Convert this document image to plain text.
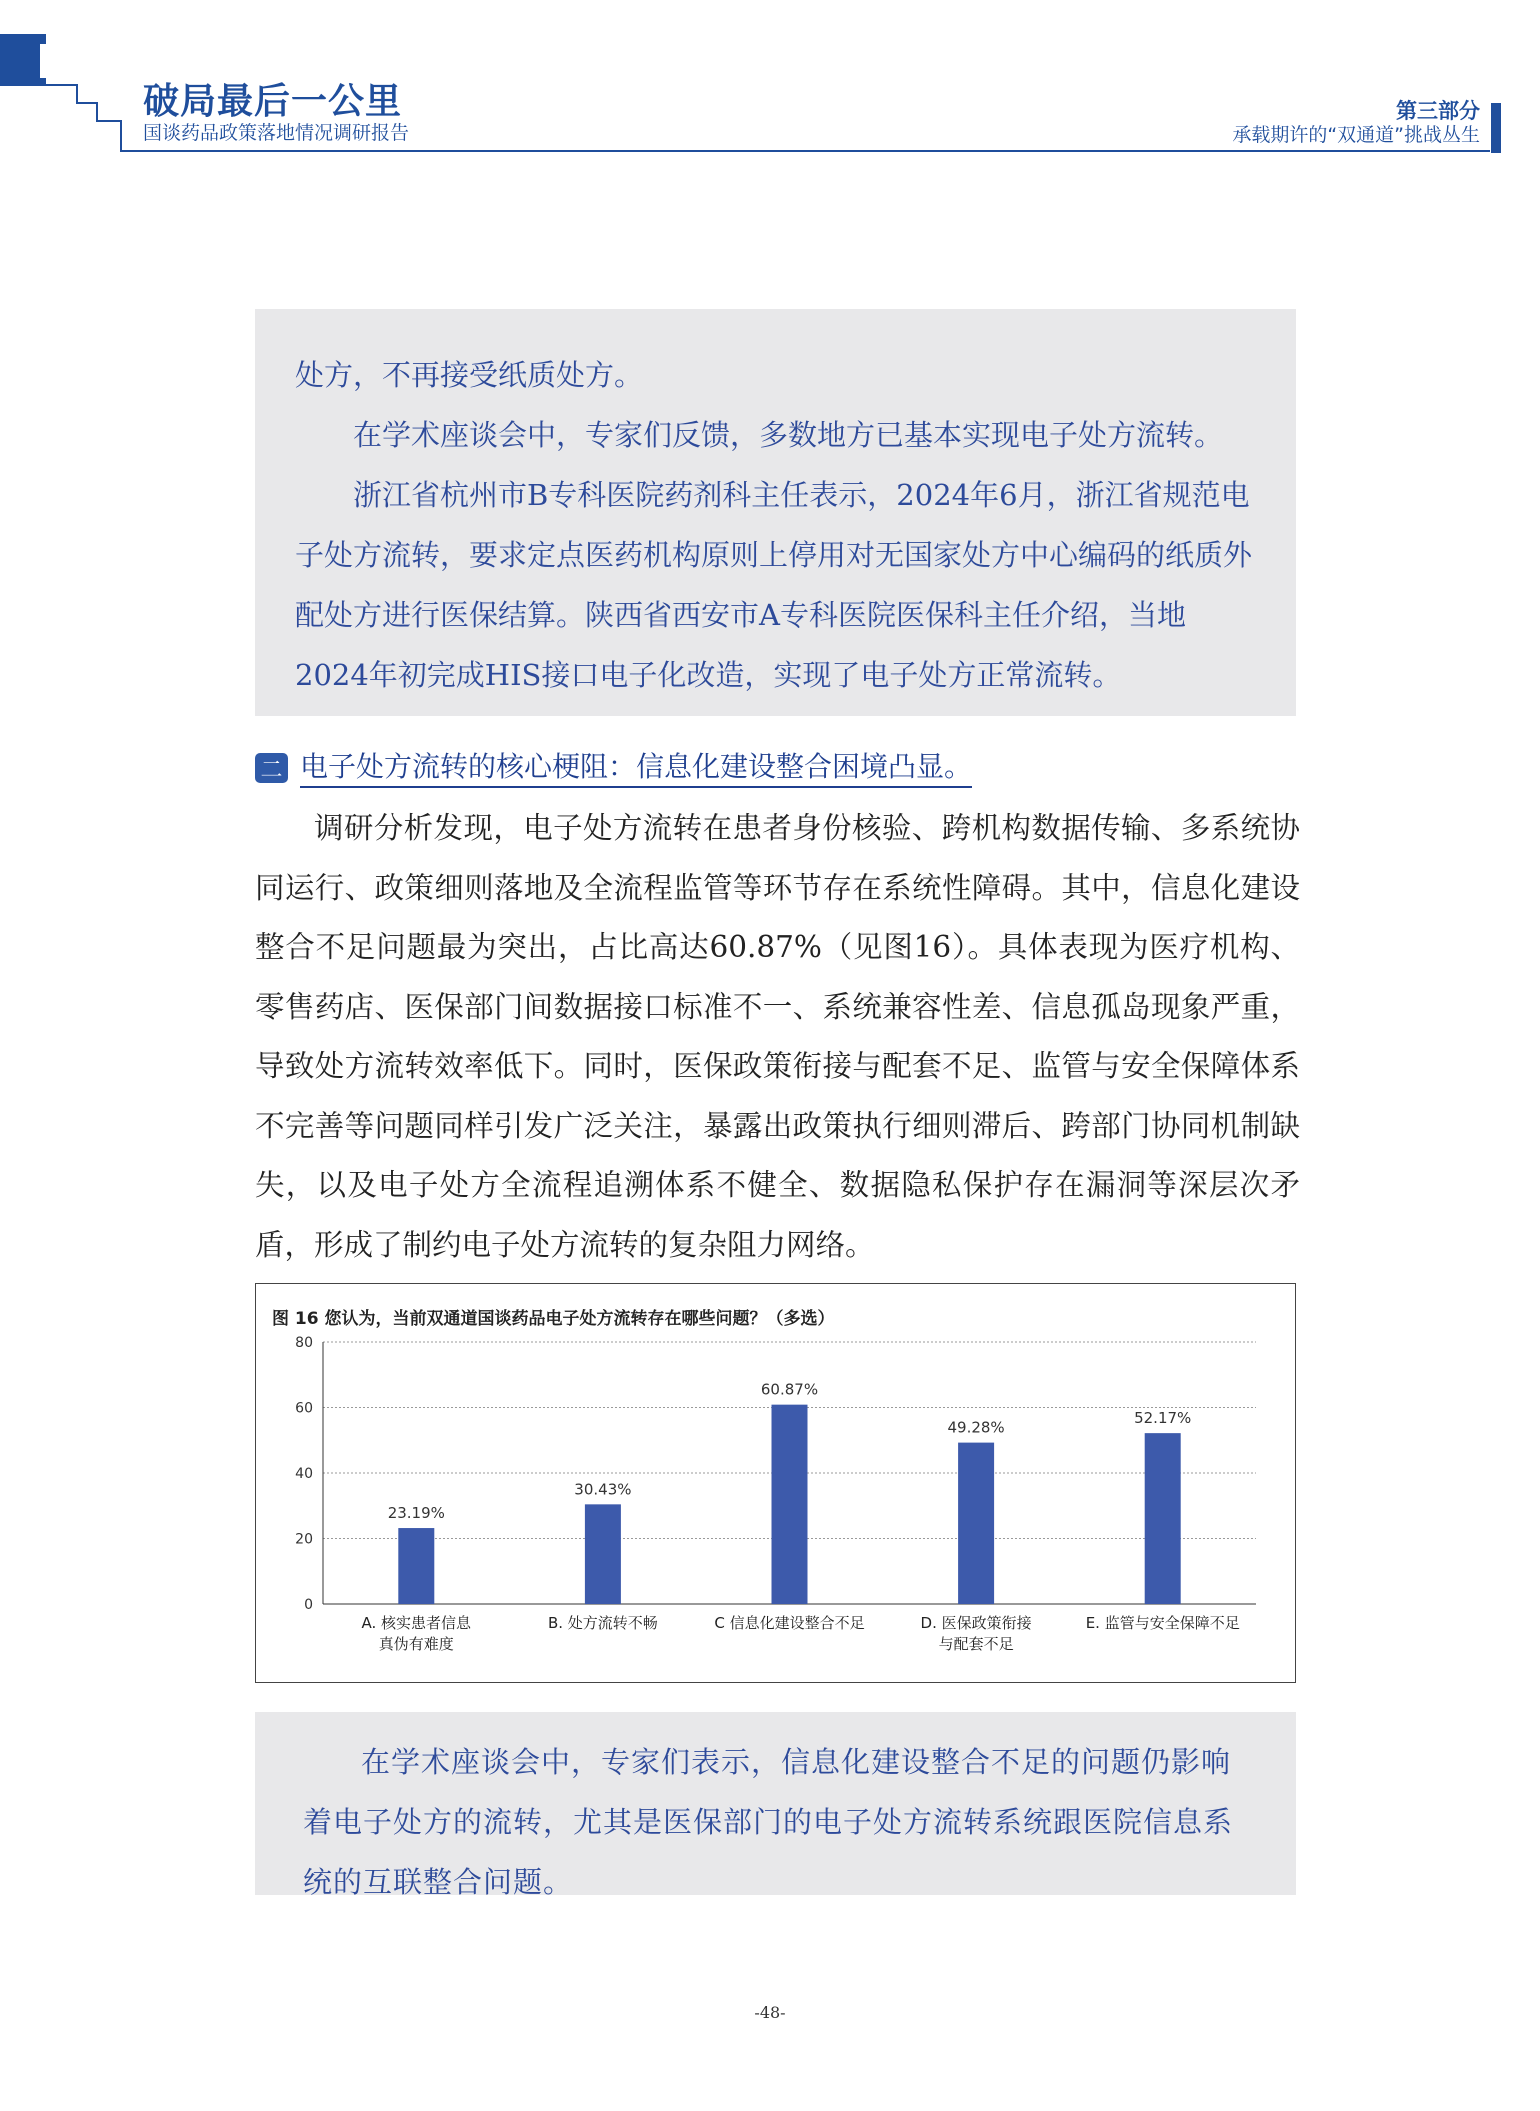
破局最后一公里
国谈药品政策落地情况调研报告
第三部分
承载期许的“双通道”挑战丛生

处方，不再接受纸质处方。

在学术座谈会中，专家们反馈，多数地方已基本实现电子处方流转。

浙江省杭州市B专科医院药剂科主任表示，2024年6月，浙江省规范电子处方流转，要求定点医药机构原则上停用对无国家处方中心编码的纸质外配处方进行医保结算。陕西省西安市A专科医院医保科主任介绍，当地2024年初完成HIS接口电子化改造，实现了电子处方正常流转。

二 电子处方流转的核心梗阻：信息化建设整合困境凸显。

调研分析发现，电子处方流转在患者身份核验、跨机构数据传输、多系统协同运行、政策细则落地及全流程监管等环节存在系统性障碍。其中，信息化建设整合不足问题最为突出，占比高达60.87%（见图16）。具体表现为医疗机构、零售药店、医保部门间数据接口标准不一、系统兼容性差、信息孤岛现象严重，导致处方流转效率低下。同时，医保政策衔接与配套不足、监管与安全保障体系不完善等问题同样引发广泛关注，暴露出政策执行细则滞后、跨部门协同机制缺失，以及电子处方全流程追溯体系不健全、数据隐私保护存在漏洞等深层次矛盾，形成了制约电子处方流转的复杂阻力网络。

图 16 您认为，当前双通道国谈药品电子处方流转存在哪些问题？（多选）

0
20
40
60
80
23.19%
A. 核实患者信息
真伪有难度
30.43%
B. 处方流转不畅
60.87%
C 信息化建设整合不足
49.28%
D. 医保政策衔接
与配套不足
52.17%
E. 监管与安全保障不足

在学术座谈会中，专家们表示，信息化建设整合不足的问题仍影响着电子处方的流转，尤其是医保部门的电子处方流转系统跟医院信息系统的互联整合问题。

-48-
